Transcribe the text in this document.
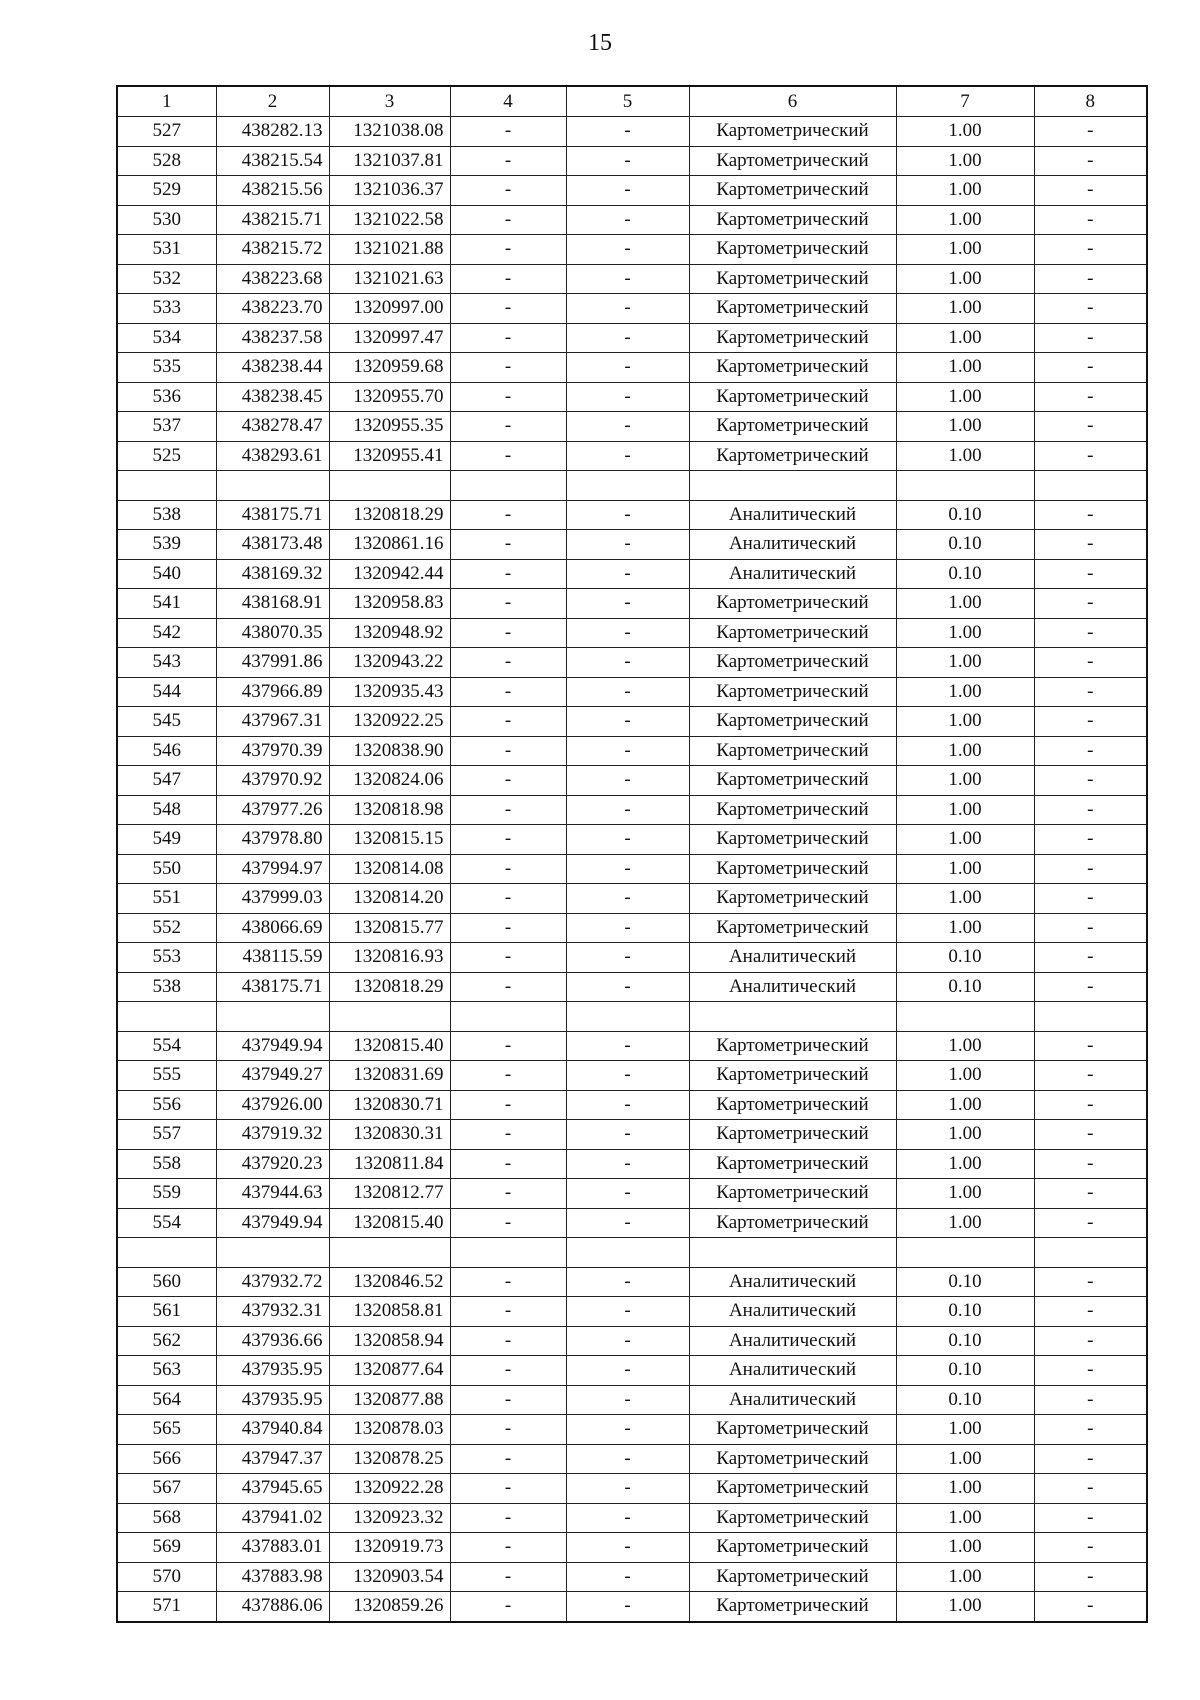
15
1	2	3	4	5	6	7	8
527	438282.13	1321038.08	-	-	Картометрический	1.00	-
528	438215.54	1321037.81	-	-	Картометрический	1.00	-
529	438215.56	1321036.37	-	-	Картометрический	1.00	-
530	438215.71	1321022.58	-	-	Картометрический	1.00	-
531	438215.72	1321021.88	-	-	Картометрический	1.00	-
532	438223.68	1321021.63	-	-	Картометрический	1.00	-
533	438223.70	1320997.00	-	-	Картометрический	1.00	-
534	438237.58	1320997.47	-	-	Картометрический	1.00	-
535	438238.44	1320959.68	-	-	Картометрический	1.00	-
536	438238.45	1320955.70	-	-	Картометрический	1.00	-
537	438278.47	1320955.35	-	-	Картометрический	1.00	-
525	438293.61	1320955.41	-	-	Картометрический	1.00	-

538	438175.71	1320818.29	-	-	Аналитический	0.10	-
539	438173.48	1320861.16	-	-	Аналитический	0.10	-
540	438169.32	1320942.44	-	-	Аналитический	0.10	-
541	438168.91	1320958.83	-	-	Картометрический	1.00	-
542	438070.35	1320948.92	-	-	Картометрический	1.00	-
543	437991.86	1320943.22	-	-	Картометрический	1.00	-
544	437966.89	1320935.43	-	-	Картометрический	1.00	-
545	437967.31	1320922.25	-	-	Картометрический	1.00	-
546	437970.39	1320838.90	-	-	Картометрический	1.00	-
547	437970.92	1320824.06	-	-	Картометрический	1.00	-
548	437977.26	1320818.98	-	-	Картометрический	1.00	-
549	437978.80	1320815.15	-	-	Картометрический	1.00	-
550	437994.97	1320814.08	-	-	Картометрический	1.00	-
551	437999.03	1320814.20	-	-	Картометрический	1.00	-
552	438066.69	1320815.77	-	-	Картометрический	1.00	-
553	438115.59	1320816.93	-	-	Аналитический	0.10	-
538	438175.71	1320818.29	-	-	Аналитический	0.10	-

554	437949.94	1320815.40	-	-	Картометрический	1.00	-
555	437949.27	1320831.69	-	-	Картометрический	1.00	-
556	437926.00	1320830.71	-	-	Картометрический	1.00	-
557	437919.32	1320830.31	-	-	Картометрический	1.00	-
558	437920.23	1320811.84	-	-	Картометрический	1.00	-
559	437944.63	1320812.77	-	-	Картометрический	1.00	-
554	437949.94	1320815.40	-	-	Картометрический	1.00	-

560	437932.72	1320846.52	-	-	Аналитический	0.10	-
561	437932.31	1320858.81	-	-	Аналитический	0.10	-
562	437936.66	1320858.94	-	-	Аналитический	0.10	-
563	437935.95	1320877.64	-	-	Аналитический	0.10	-
564	437935.95	1320877.88	-	-	Аналитический	0.10	-
565	437940.84	1320878.03	-	-	Картометрический	1.00	-
566	437947.37	1320878.25	-	-	Картометрический	1.00	-
567	437945.65	1320922.28	-	-	Картометрический	1.00	-
568	437941.02	1320923.32	-	-	Картометрический	1.00	-
569	437883.01	1320919.73	-	-	Картометрический	1.00	-
570	437883.98	1320903.54	-	-	Картометрический	1.00	-
571	437886.06	1320859.26	-	-	Картометрический	1.00	-
